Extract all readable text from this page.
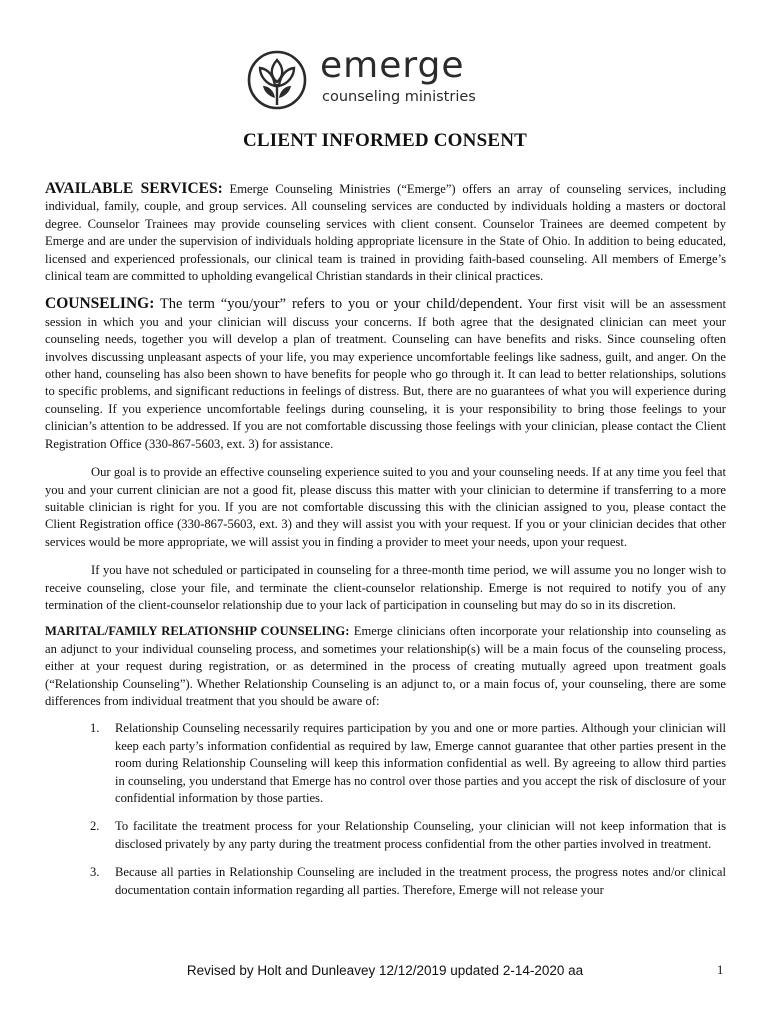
emerge
counseling ministries
CLIENT INFORMED CONSENT

AVAILABLE SERVICES: Emerge Counseling Ministries (“Emerge”) offers an array of counseling services, including individual, family, couple, and group services. All counseling services are conducted by individuals holding a masters or doctoral degree. Counselor Trainees may provide counseling services with client consent. Counselor Trainees are deemed competent by Emerge and are under the supervision of individuals holding appropriate licensure in the State of Ohio. In addition to being educated, licensed and experienced professionals, our clinical team is trained in providing faith-based counseling. All members of Emerge’s clinical team are committed to upholding evangelical Christian standards in their clinical practices.

COUNSELING: The term “you/your” refers to you or your child/dependent. Your first visit will be an assessment session in which you and your clinician will discuss your concerns. If both agree that the designated clinician can meet your counseling needs, together you will develop a plan of treatment. Counseling can have benefits and risks. Since counseling often involves discussing unpleasant aspects of your life, you may experience uncomfortable feelings like sadness, guilt, and anger. On the other hand, counseling has also been shown to have benefits for people who go through it. It can lead to better relationships, solutions to specific problems, and significant reductions in feelings of distress. But, there are no guarantees of what you will experience during counseling. If you experience uncomfortable feelings during counseling, it is your responsibility to bring those feelings to your clinician’s attention to be addressed. If you are not comfortable discussing those feelings with your clinician, please contact the Client Registration Office (330-867-5603, ext. 3) for assistance.

Our goal is to provide an effective counseling experience suited to you and your counseling needs. If at any time you feel that you and your current clinician are not a good fit, please discuss this matter with your clinician to determine if transferring to a more suitable clinician is right for you. If you are not comfortable discussing this with the clinician assigned to you, please contact the Client Registration office (330-867-5603, ext. 3) and they will assist you with your request. If you or your clinician decides that other services would be more appropriate, we will assist you in finding a provider to meet your needs, upon your request.

If you have not scheduled or participated in counseling for a three-month time period, we will assume you no longer wish to receive counseling, close your file, and terminate the client-counselor relationship. Emerge is not required to notify you of any termination of the client-counselor relationship due to your lack of participation in counseling but may do so in its discretion.

MARITAL/FAMILY RELATIONSHIP COUNSELING: Emerge clinicians often incorporate your relationship into counseling as an adjunct to your individual counseling process, and sometimes your relationship(s) will be a main focus of the counseling process, either at your request during registration, or as determined in the process of creating mutually agreed upon treatment goals (“Relationship Counseling”). Whether Relationship Counseling is an adjunct to, or a main focus of, your counseling, there are some differences from individual treatment that you should be aware of:

1. Relationship Counseling necessarily requires participation by you and one or more parties. Although your clinician will keep each party’s information confidential as required by law, Emerge cannot guarantee that other parties present in the room during Relationship Counseling will keep this information confidential as well. By agreeing to allow third parties in counseling, you understand that Emerge has no control over those parties and you accept the risk of disclosure of your confidential information by those parties.
2. To facilitate the treatment process for your Relationship Counseling, your clinician will not keep information that is disclosed privately by any party during the treatment process confidential from the other parties involved in treatment.
3. Because all parties in Relationship Counseling are included in the treatment process, the progress notes and/or clinical documentation contain information regarding all parties. Therefore, Emerge will not release your
Revised by Holt and Dunleavey 12/12/2019 updated 2-14-2020 aa	1
